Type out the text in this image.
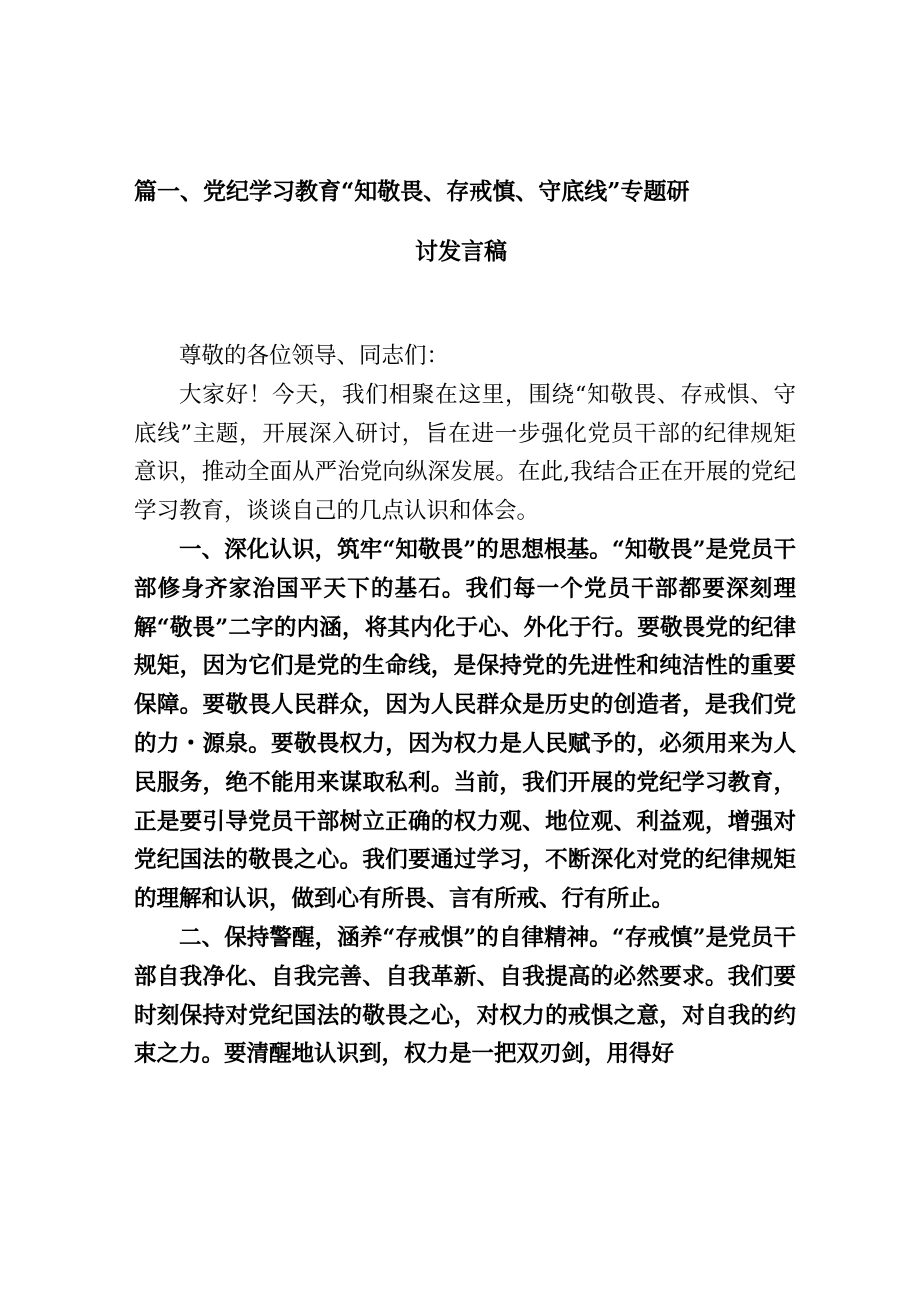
篇一、党纪学习教育“知敬畏、存戒慎、守底线”专题研
讨发言稿

尊敬的各位领导、同志们：

大家好！今天，我们相聚在这里，围绕“知敬畏、存戒惧、守底线”主题，开展深入研讨，旨在进一步强化党员干部的纪律规矩意识，推动全面从严治党向纵深发展。在此,我结合正在开展的党纪学习教育，谈谈自己的几点认识和体会。

一、深化认识，筑牢“知敬畏”的思想根基。“知敬畏”是党员干部修身齐家治国平天下的基石。我们每一个党员干部都要深刻理解“敬畏”二字的内涵，将其内化于心、外化于行。要敬畏党的纪律规矩，因为它们是党的生命线，是保持党的先进性和纯洁性的重要保障。要敬畏人民群众，因为人民群众是历史的创造者，是我们党的力・源泉。要敬畏权力，因为权力是人民赋予的，必须用来为人民服务，绝不能用来谋取私利。当前，我们开展的党纪学习教育，正是要引导党员干部树立正确的权力观、地位观、利益观，增强对党纪国法的敬畏之心。我们要通过学习，不断深化对党的纪律规矩的理解和认识，做到心有所畏、言有所戒、行有所止。

二、保持警醒，涵养“存戒惧”的自律精神。“存戒慎”是党员干部自我净化、自我完善、自我革新、自我提高的必然要求。我们要时刻保持对党纪国法的敬畏之心，对权力的戒惧之意，对自我的约束之力。要清醒地认识到，权力是一把双刃剑，用得好
